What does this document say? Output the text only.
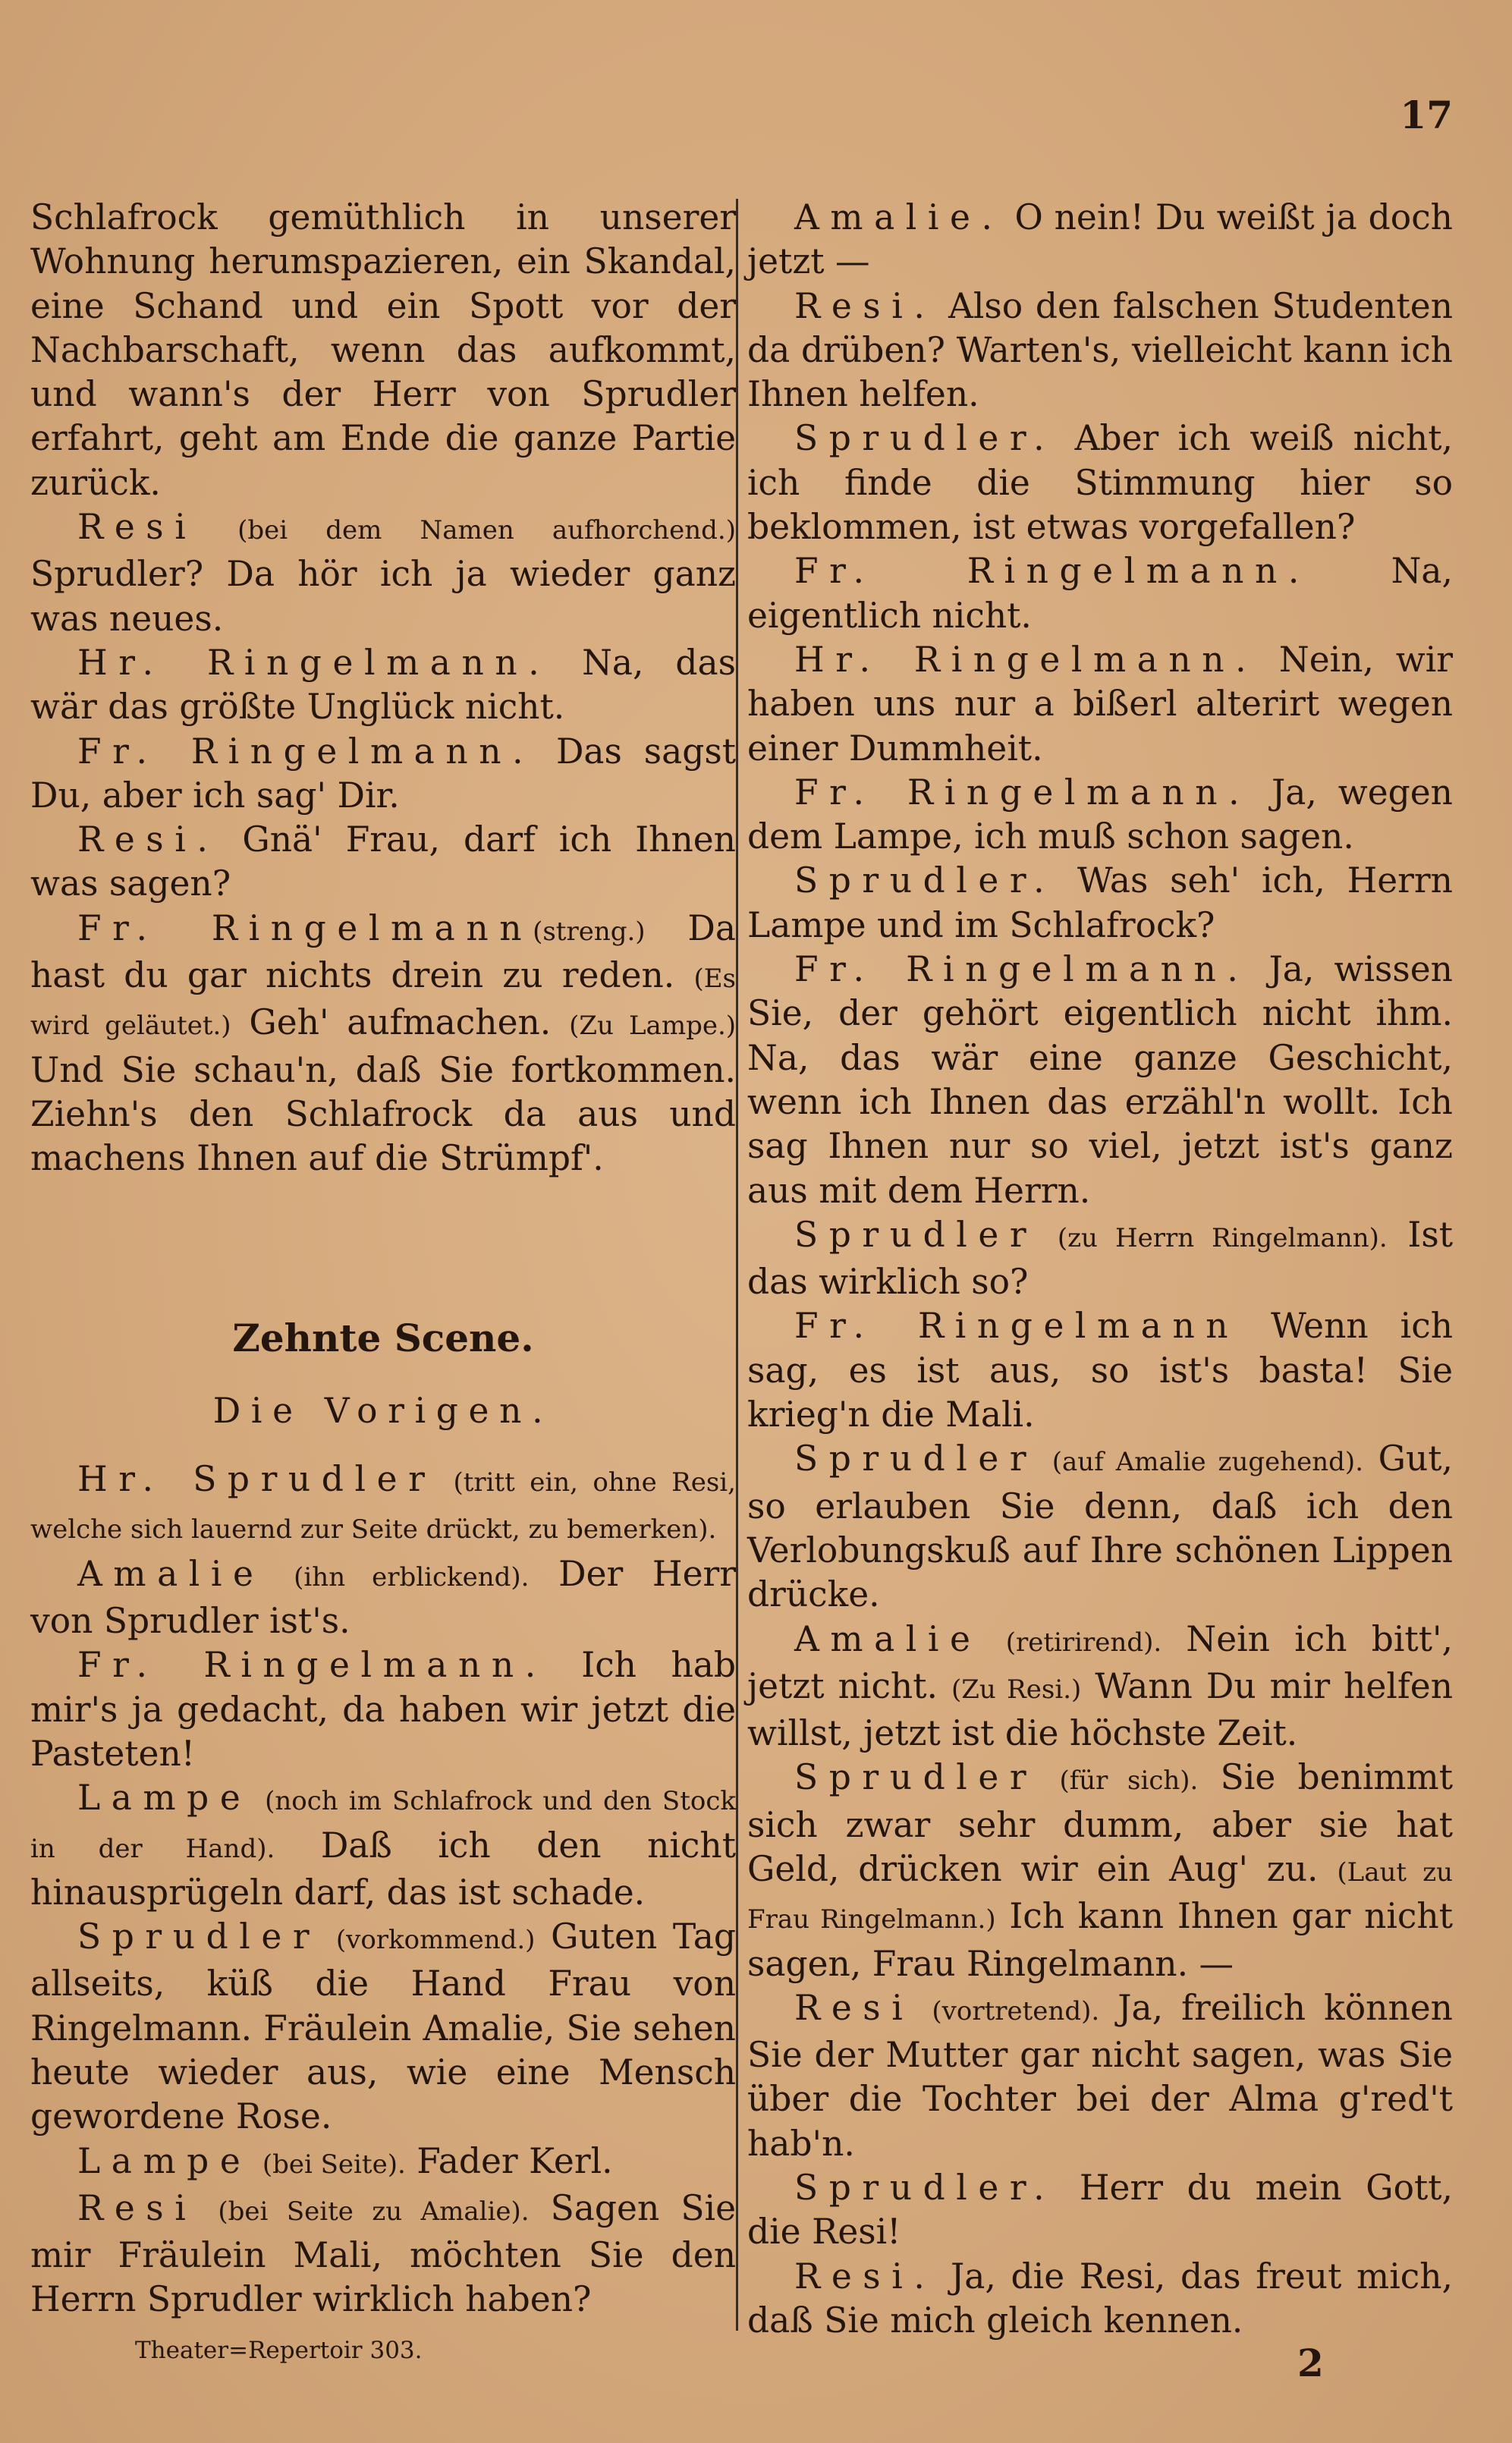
17

Schlafrock gemüthlich in unserer Wohnung herumspazieren, ein Skandal, eine Schand und ein Spott vor der Nachbarschaft, wenn das aufkommt, und wann's der Herr von Sprudler erfahrt, geht am Ende die ganze Partie zurück.

Resi (bei dem Namen aufhorchend.) Sprudler? Da hör ich ja wieder ganz was neues.

Hr. Ringelmann. Na, das wär das größte Unglück nicht.

Fr. Ringelmann. Das sagst Du, aber ich sag' Dir.

Resi. Gnä' Frau, darf ich Ihnen was sagen?

Fr. Ringelmann(streng.) Da hast du gar nichts drein zu reden. (Es wird geläutet.) Geh' aufmachen. (Zu Lampe.) Und Sie schau'n, daß Sie fortkommen. Ziehn's den Schlafrock da aus und machens Ihnen auf die Strümpf'.

Zehnte Scene.
Die Vorigen.

Hr. Sprudler (tritt ein, ohne Resi, welche sich lauernd zur Seite drückt, zu bemerken).

Amalie (ihn erblickend). Der Herr von Sprudler ist's.

Fr. Ringelmann. Ich hab mir's ja gedacht, da haben wir jetzt die Pasteten!

Lampe (noch im Schlafrock und den Stock in der Hand). Daß ich den nicht hinausprügeln darf, das ist schade.

Sprudler (vorkommend.) Guten Tag allseits, küß die Hand Frau von Ringelmann. Fräulein Amalie, Sie sehen heute wieder aus, wie eine Mensch gewordene Rose.

Lampe (bei Seite). Fader Kerl.

Resi (bei Seite zu Amalie). Sagen Sie mir Fräulein Mali, möchten Sie den Herrn Sprudler wirklich haben?

Amalie. O nein! Du weißt ja doch jetzt —

Resi. Also den falschen Studenten da drüben? Warten's, vielleicht kann ich Ihnen helfen.

Sprudler. Aber ich weiß nicht, ich finde die Stimmung hier so beklommen, ist etwas vorgefallen?

Fr. Ringelmann. Na, eigentlich nicht.

Hr. Ringelmann. Nein, wir haben uns nur a bißerl alterirt wegen einer Dummheit.

Fr. Ringelmann. Ja, wegen dem Lampe, ich muß schon sagen.

Sprudler. Was seh' ich, Herrn Lampe und im Schlafrock?

Fr. Ringelmann. Ja, wissen Sie, der gehört eigentlich nicht ihm. Na, das wär eine ganze Geschicht, wenn ich Ihnen das erzähl'n wollt. Ich sag Ihnen nur so viel, jetzt ist's ganz aus mit dem Herrn.

Sprudler (zu Herrn Ringelmann). Ist das wirklich so?

Fr. Ringelmann Wenn ich sag, es ist aus, so ist's basta! Sie krieg'n die Mali.

Sprudler (auf Amalie zugehend). Gut, so erlauben Sie denn, daß ich den Verlobungskuß auf Ihre schönen Lippen drücke.

Amalie (retirirend). Nein ich bitt', jetzt nicht. (Zu Resi.) Wann Du mir helfen willst, jetzt ist die höchste Zeit.

Sprudler (für sich). Sie benimmt sich zwar sehr dumm, aber sie hat Geld, drücken wir ein Aug' zu. (Laut zu Frau Ringelmann.) Ich kann Ihnen gar nicht sagen, Frau Ringelmann. —

Resi (vortretend). Ja, freilich können Sie der Mutter gar nicht sagen, was Sie über die Tochter bei der Alma g'red't hab'n.

Sprudler. Herr du mein Gott, die Resi!

Resi. Ja, die Resi, das freut mich, daß Sie mich gleich kennen.

Theater=Repertoir 303.	2
